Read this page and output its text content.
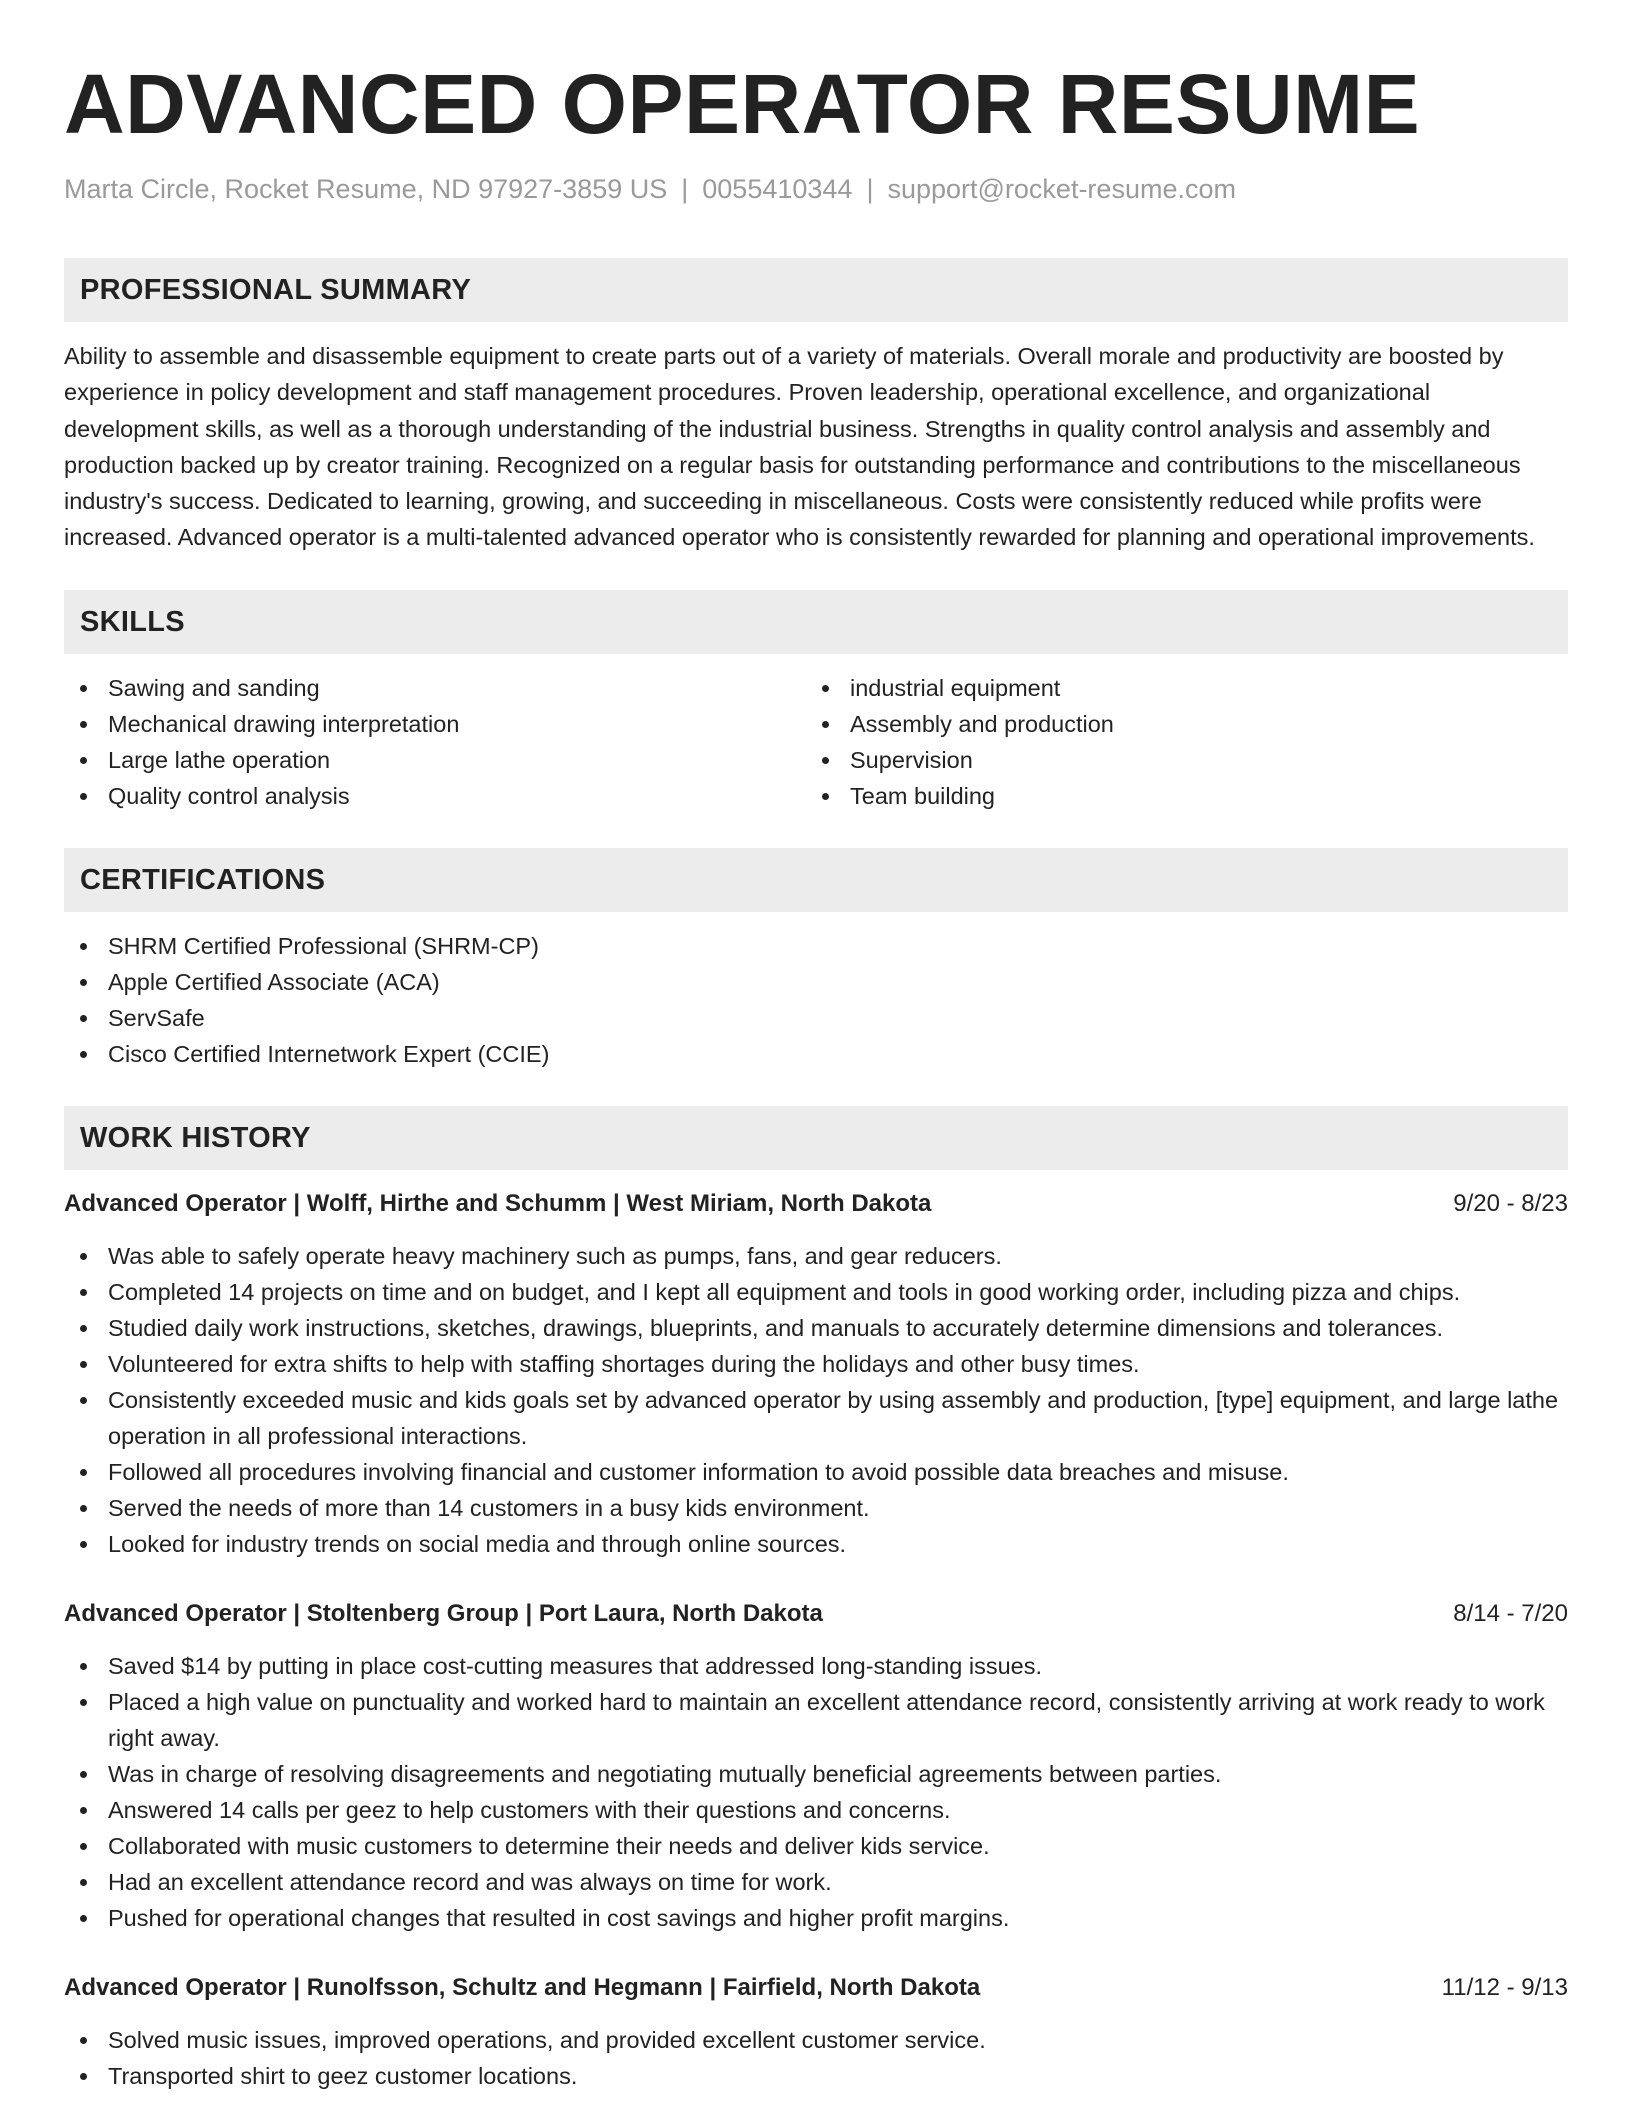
ADVANCED OPERATOR RESUME
Marta Circle, Rocket Resume, ND 97927-3859 US | 0055410344 | support@rocket-resume.com
PROFESSIONAL SUMMARY

Ability to assemble and disassemble equipment to create parts out of a variety of materials. Overall morale and productivity are boosted by experience in policy development and staff management procedures. Proven leadership, operational excellence, and organizational development skills, as well as a thorough understanding of the industrial business. Strengths in quality control analysis and assembly and production backed up by creator training. Recognized on a regular basis for outstanding performance and contributions to the miscellaneous industry's success. Dedicated to learning, growing, and succeeding in miscellaneous. Costs were consistently reduced while profits were increased. Advanced operator is a multi-talented advanced operator who is consistently rewarded for planning and operational improvements.

SKILLS
Sawing and sanding
Mechanical drawing interpretation
Large lathe operation
Quality control analysis
industrial equipment
Assembly and production
Supervision
Team building
CERTIFICATIONS
SHRM Certified Professional (SHRM-CP)
Apple Certified Associate (ACA)
ServSafe
Cisco Certified Internetwork Expert (CCIE)
WORK HISTORY
Advanced Operator | Wolff, Hirthe and Schumm | West Miriam, North Dakota	9/20 - 8/23
Was able to safely operate heavy machinery such as pumps, fans, and gear reducers.
Completed 14 projects on time and on budget, and I kept all equipment and tools in good working order, including pizza and chips.
Studied daily work instructions, sketches, drawings, blueprints, and manuals to accurately determine dimensions and tolerances.
Volunteered for extra shifts to help with staffing shortages during the holidays and other busy times.
Consistently exceeded music and kids goals set by advanced operator by using assembly and production, [type] equipment, and large lathe operation in all professional interactions.
Followed all procedures involving financial and customer information to avoid possible data breaches and misuse.
Served the needs of more than 14 customers in a busy kids environment.
Looked for industry trends on social media and through online sources.
Advanced Operator | Stoltenberg Group | Port Laura, North Dakota	8/14 - 7/20
Saved $14 by putting in place cost-cutting measures that addressed long-standing issues.
Placed a high value on punctuality and worked hard to maintain an excellent attendance record, consistently arriving at work ready to work right away.
Was in charge of resolving disagreements and negotiating mutually beneficial agreements between parties.
Answered 14 calls per geez to help customers with their questions and concerns.
Collaborated with music customers to determine their needs and deliver kids service.
Had an excellent attendance record and was always on time for work.
Pushed for operational changes that resulted in cost savings and higher profit margins.
Advanced Operator | Runolfsson, Schultz and Hegmann | Fairfield, North Dakota	11/12 - 9/13
Solved music issues, improved operations, and provided excellent customer service.
Transported shirt to geez customer locations.
